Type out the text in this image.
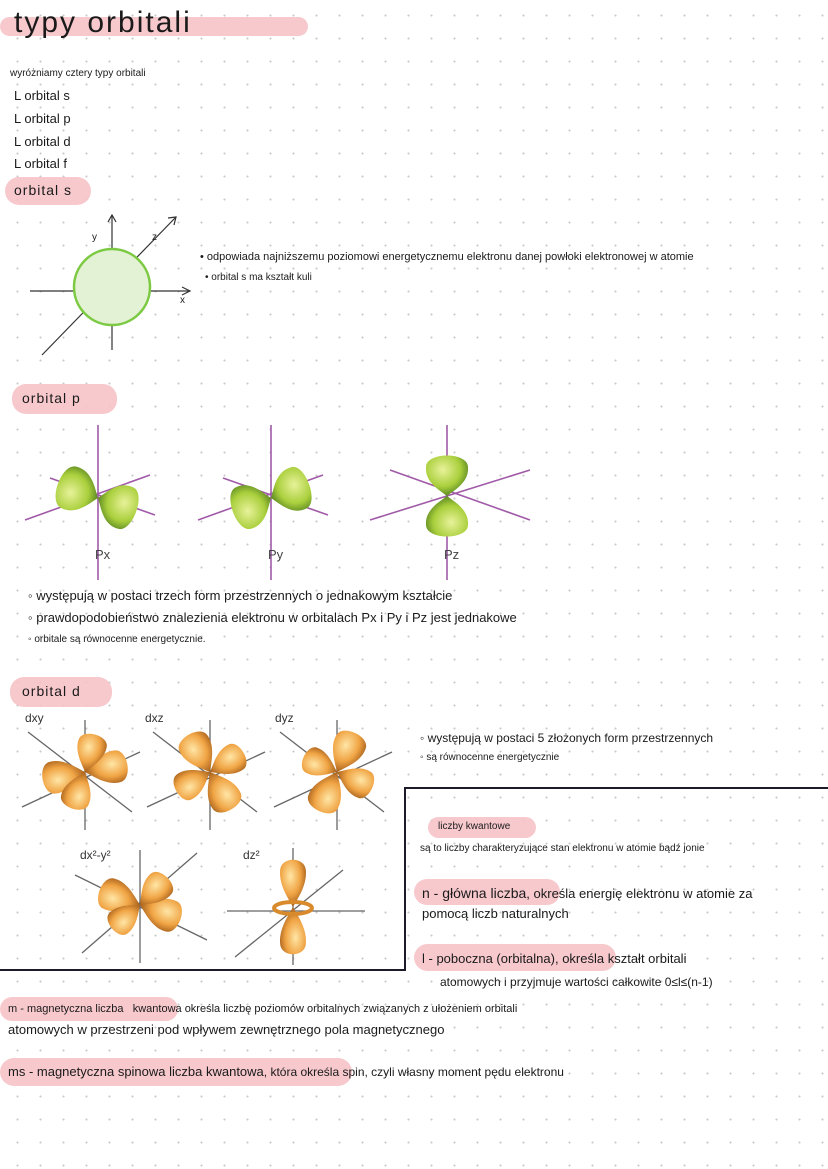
typy orbitali
wyróżniamy cztery typy orbitali
L orbital s
L orbital p
L orbital d
L orbital f
orbital s
y	z
x
• odpowiada najniższemu poziomowi energetycznemu elektronu danej powłoki elektronowej w atomie
• orbital s ma kształt kuli
orbital p
Px	Py	Pz
◦ występują w postaci trzech form przestrzennych o jednakowym kształcie
◦ prawdopodobieństwo znalezienia elektronu w orbitalach Px i Py i Pz jest jednakowe
◦ orbitale są równocenne energetycznie.
orbital d
dxy	dxz	dyz
dx²-y²	dz²
◦ występują w postaci 5 złożonych form przestrzennych
◦ są równocenne energetycznie
liczby kwantowe
są to liczby charakteryzujące stan elektronu w atomie bądź jonie
n - główna liczba, określa energię elektronu w atomie za
pomocą liczb naturalnych
l - poboczna (orbitalna), określa kształt orbitali
atomowych i przyjmuje wartości całkowite 0≤l≤(n-1)
m - magnetyczna liczba kwantowa określa liczbę poziomów orbitalnych związanych z ułożeniem orbitali
atomowych w przestrzeni pod wpływem zewnętrznego pola magnetycznego
ms - magnetyczna spinowa liczba kwantowa, która określa spin, czyli własny moment pędu elektronu
